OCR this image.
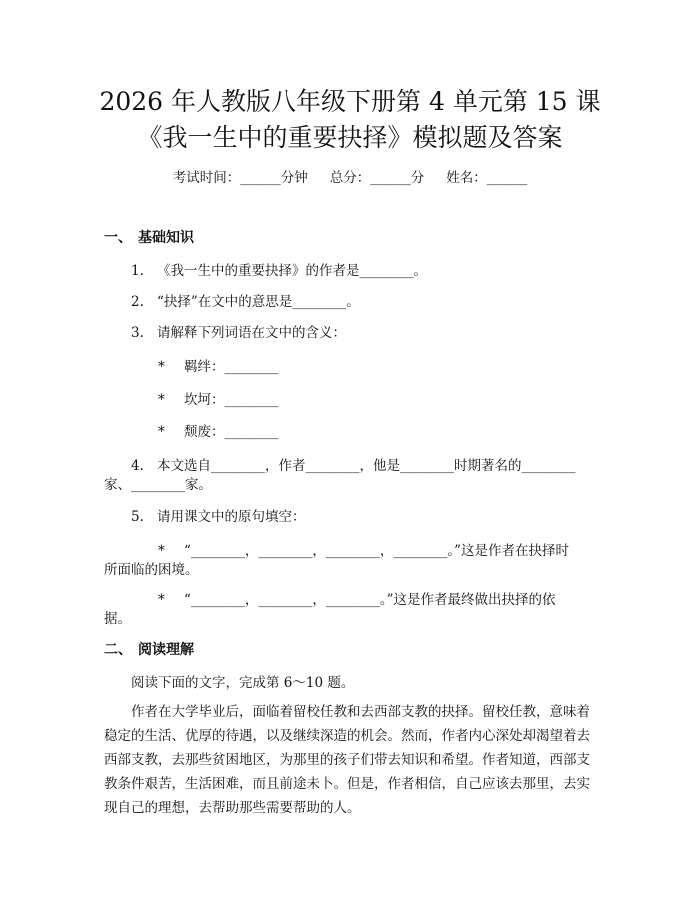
2026 年人教版八年级下册第 4 单元第 15 课
《我一生中的重要抉择》模拟题及答案
考试时间：______分钟 总分：______分 姓名：______
一、 基础知识
1. 《我一生中的重要抉择》的作者是________。
2. “抉择”在文中的意思是________。
3. 请解释下列词语在文中的含义：
* 羁绊：________
* 坎坷：________
* 颓废：________
4. 本文选自________，作者________，他是________时期著名的________
家、________家。
5. 请用课文中的原句填空：
* “________，________，________，________。”这是作者在抉择时
所面临的困境。
* “________，________，________。”这是作者最终做出抉择的依
据。
二、 阅读理解
阅读下面的文字，完成第 6～10 题。
作者在大学毕业后，面临着留校任教和去西部支教的抉择。留校任教，意味着
稳定的生活、优厚的待遇，以及继续深造的机会。然而，作者内心深处却渴望着去
西部支教，去那些贫困地区，为那里的孩子们带去知识和希望。作者知道，西部支
教条件艰苦，生活困难，而且前途未卜。但是，作者相信，自己应该去那里，去实
现自己的理想，去帮助那些需要帮助的人。
